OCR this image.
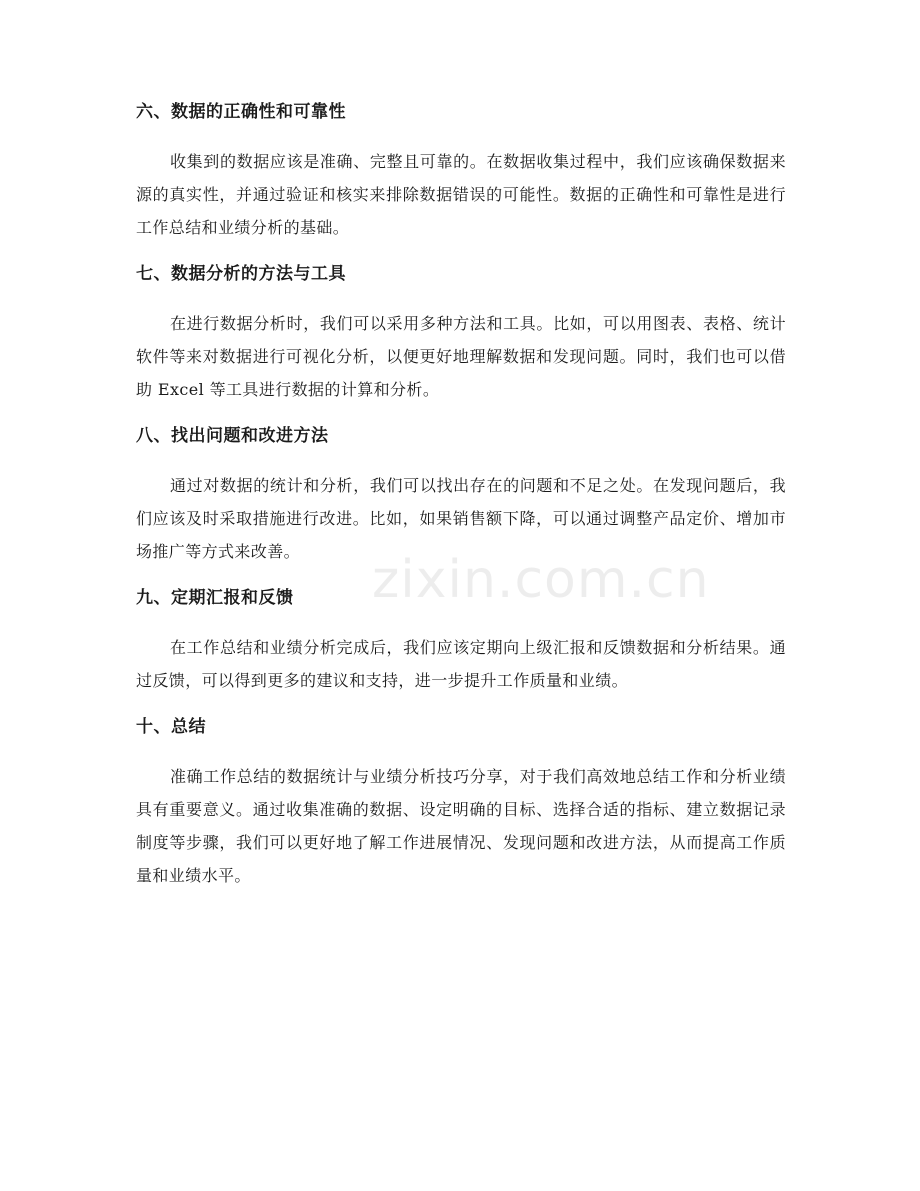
六、数据的正确性和可靠性

收集到的数据应该是准确、完整且可靠的。在数据收集过程中，我们应该确保数据来源的真实性，并通过验证和核实来排除数据错误的可能性。数据的正确性和可靠性是进行工作总结和业绩分析的基础。

七、数据分析的方法与工具

在进行数据分析时，我们可以采用多种方法和工具。比如，可以用图表、表格、统计软件等来对数据进行可视化分析，以便更好地理解数据和发现问题。同时，我们也可以借助 Excel 等工具进行数据的计算和分析。

八、找出问题和改进方法

通过对数据的统计和分析，我们可以找出存在的问题和不足之处。在发现问题后，我们应该及时采取措施进行改进。比如，如果销售额下降，可以通过调整产品定价、增加市场推广等方式来改善。

九、定期汇报和反馈

在工作总结和业绩分析完成后，我们应该定期向上级汇报和反馈数据和分析结果。通过反馈，可以得到更多的建议和支持，进一步提升工作质量和业绩。

十、总结

准确工作总结的数据统计与业绩分析技巧分享，对于我们高效地总结工作和分析业绩具有重要意义。通过收集准确的数据、设定明确的目标、选择合适的指标、建立数据记录制度等步骤，我们可以更好地了解工作进展情况、发现问题和改进方法，从而提高工作质量和业绩水平。

zixin.com.cn
